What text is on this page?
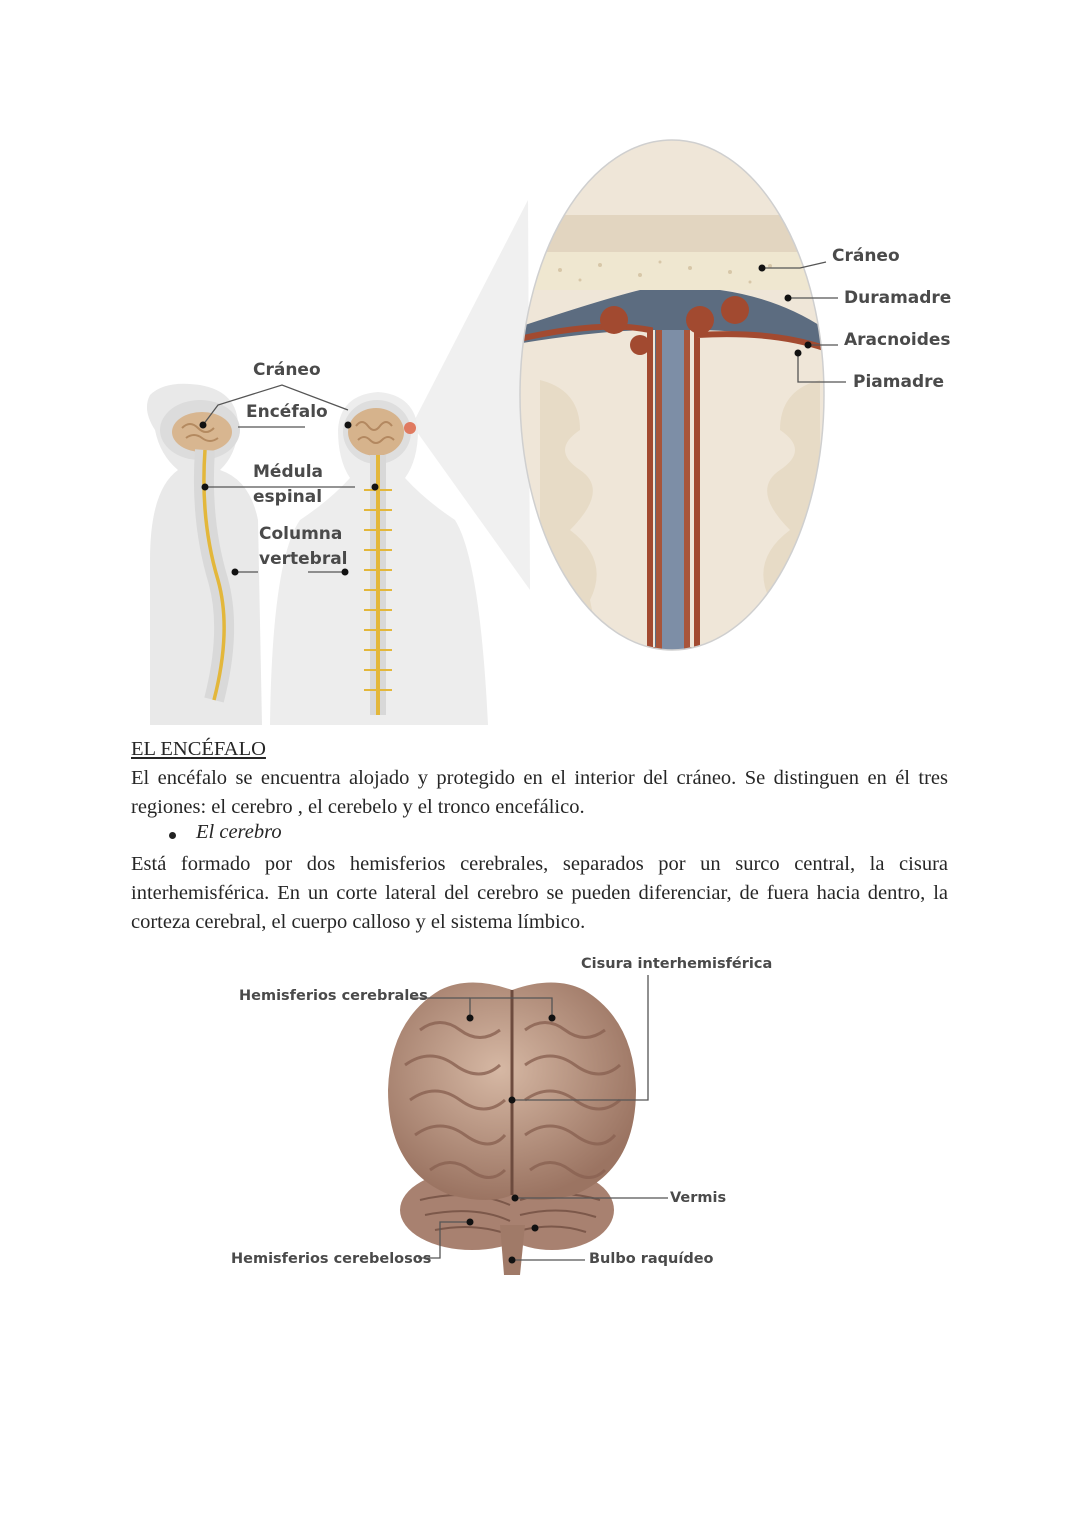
Cráneo
Encéfalo
Médula
espinal
Columna
vertebral
Cráneo
Duramadre
Aracnoides
Piamadre
EL ENCÉFALO
El encéfalo se encuentra alojado y protegido en el interior del cráneo. Se distinguen en él tres regiones: el cerebro , el cerebelo y el tronco encefálico.
El cerebro
Está formado por dos hemisferios cerebrales, separados por un surco central, la cisura interhemisférica. En un corte lateral del cerebro se pueden diferenciar, de fuera hacia dentro, la corteza cerebral, el cuerpo calloso y el sistema límbico.
Cisura interhemisférica
Hemisferios cerebrales
Vermis
Hemisferios cerebelosos	Bulbo raquídeo
